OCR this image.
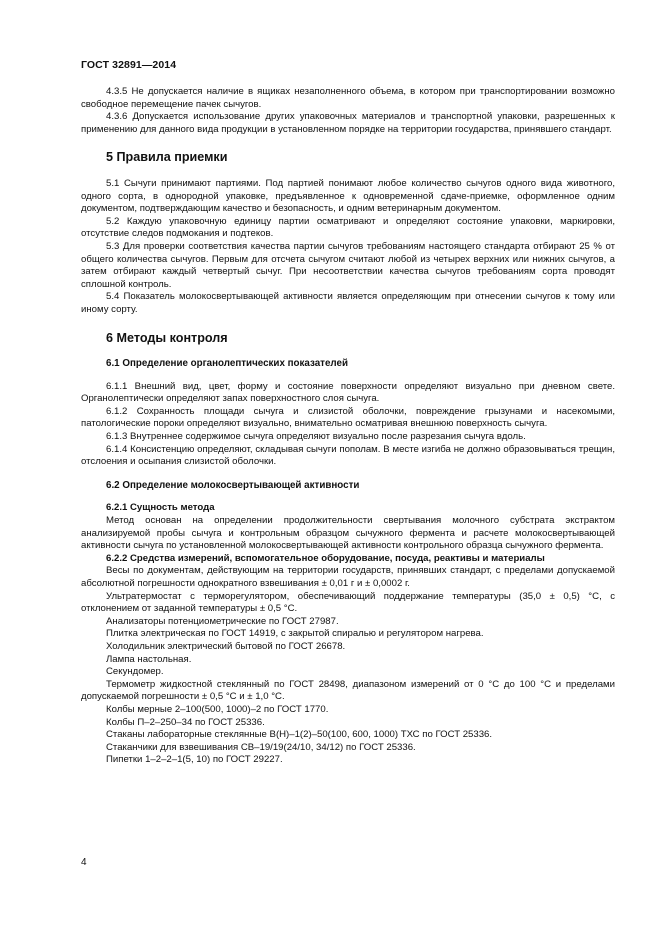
ГОСТ 32891—2014

4.3.5 Не допускается наличие в ящиках незаполненного объема, в котором при транспортировании возможно свободное перемещение пачек сычугов.

4.3.6 Допускается использование других упаковочных материалов и транспортной упаковки, разрешенных к применению для данного вида продукции в установленном порядке на территории государства, принявшего стандарт.

5 Правила приемки

5.1 Сычуги принимают партиями. Под партией понимают любое количество сычугов одного вида животного, одного сорта, в однородной упаковке, предъявленное к одновременной сдаче-приемке, оформленное одним документом, подтверждающим качество и безопасность, и одним ветеринарным документом.

5.2 Каждую упаковочную единицу партии осматривают и определяют состояние упаковки, маркировки, отсутствие следов подмокания и подтеков.

5.3 Для проверки соответствия качества партии сычугов требованиям настоящего стандарта отбирают 25 % от общего количества сычугов. Первым для отсчета сычугом считают любой из четырех верхних или нижних сычугов, а затем отбирают каждый четвертый сычуг. При несоответствии качества сычугов требованиям сорта проводят сплошной контроль.

5.4 Показатель молокосвертывающей активности является определяющим при отнесении сычугов к тому или иному сорту.

6 Методы контроля
6.1 Определение органолептических показателей

6.1.1 Внешний вид, цвет, форму и состояние поверхности определяют визуально при дневном свете. Органолептически определяют запах поверхностного слоя сычуга.

6.1.2 Сохранность площади сычуга и слизистой оболочки, повреждение грызунами и насекомыми, патологические пороки определяют визуально, внимательно осматривая внешнюю поверхность сычуга.

6.1.3 Внутреннее содержимое сычуга определяют визуально после разрезания сычуга вдоль.

6.1.4 Консистенцию определяют, складывая сычуги пополам. В месте изгиба не должно образовываться трещин, отслоения и осыпания слизистой оболочки.

6.2 Определение молокосвертывающей активности

6.2.1 Сущность метода

Метод основан на определении продолжительности свертывания молочного субстрата экстрактом анализируемой пробы сычуга и контрольным образцом сычужного фермента и расчете молокосвертывающей активности сычуга по установленной молокосвертывающей активности контрольного образца сычужного фермента.

6.2.2 Средства измерений, вспомогательное оборудование, посуда, реактивы и материалы

Весы по документам, действующим на территории государств, принявших стандарт, с пределами допускаемой абсолютной погрешности однократного взвешивания ± 0,01 г и ± 0,0002 г.

Ультратермостат с терморегулятором, обеспечивающий поддержание температуры (35,0 ± 0,5) °С, с отклонением от заданной температуры ± 0,5 °С.

Анализаторы потенциометрические по ГОСТ 27987.

Плитка электрическая по ГОСТ 14919, с закрытой спиралью и регулятором нагрева.

Холодильник электрический бытовой по ГОСТ 26678.

Лампа настольная.

Секундомер.

Термометр жидкостной стеклянный по ГОСТ 28498, диапазоном измерений от 0 °С до 100 °С и пределами допускаемой погрешности ± 0,5 °С и ± 1,0 °С.

Колбы мерные 2–100(500, 1000)–2 по ГОСТ 1770.

Колбы П–2–250–34 по ГОСТ 25336.

Стаканы лабораторные стеклянные В(Н)–1(2)–50(100, 600, 1000) ТХС по ГОСТ 25336.

Стаканчики для взвешивания СВ–19/19(24/10, 34/12) по ГОСТ 25336.

Пипетки 1–2–2–1(5, 10) по ГОСТ 29227.

4
